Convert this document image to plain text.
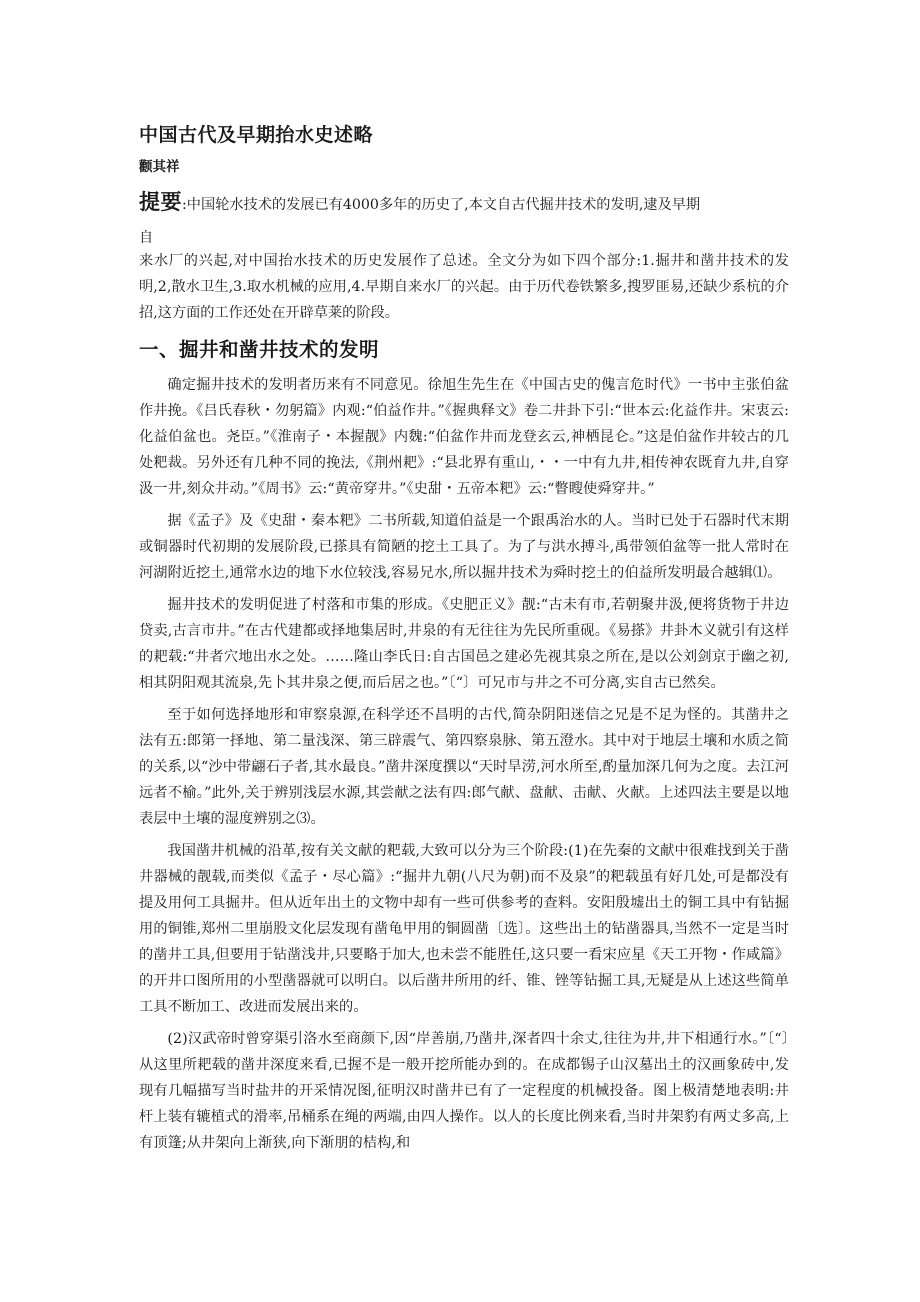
中国古代及早期抬水史述略
颧其祥
提要:中国轮水技术的发展已有4000多年的历史了,本文自古代掘井技术的发明,逮及早期
自
来水厂的兴起,对中国抬水技术的历史发展作了总述。全文分为如下四个部分:1.掘井和凿井技术的发明,2,散水卫生,3.取水机械的应用,4.早期自来水厂的兴起。由于历代卷铁繁多,搜罗匪易,还缺少系杭的介招,这方面的工作还处在开辟草莱的阶段。
一、掘井和凿井技术的发明

确定掘井技术的发明者历来有不同意见。徐旭生先生在《中国古史的傀言危时代》一书中主张伯盆作井挽。《吕氏春秋・勿躬篇》内观:“伯益作井。”《握典释文》卷二井卦下引:“世本云:化益作井。宋衷云:化益伯盆也。尧臣。”《淮南子・本握靓》内魏:“伯盆作井而龙登玄云,神栖昆仑。”这是伯盆作井较古的几处粑裁。另外还有几种不同的挽法,《荆州耙》:“县北界有重山,・・一中有九井,相传神农既育九井,自穿汲一井,刻众井动。”《周书》云:“黄帝穿井。”《史甜・五帝本粑》云:“瞥瞍使舜穿井。”

据《孟子》及《史甜・秦本粑》二书所载,知道伯益是一个跟禹治水的人。当时已处于石器时代末期或铜器时代初期的发展阶段,已搽具有简陋的挖土工具了。为了与洪水搏斗,禹带领伯盆等一批人常时在河湖附近挖土,通常水边的地下水位较浅,容易兄水,所以掘井技术为舜时挖土的伯益所发明最合越辑⑴。

掘井技术的发明促进了村落和市集的形成。《史肥正义》靓:“古未有市,若朝聚井汲,便将货物于井边贷卖,古言市井。”在古代建都或择地集居时,井泉的有无往往为先民所重砚。《易搽》井卦木义就引有这样的耙载:“井者穴地出水之处。……隆山李氏日:自古国邑之建必先视其泉之所在,是以公刘剑京于幽之初,相其阴阳观其流泉,先卜其井泉之便,而后居之也。”〔“〕可兄市与井之不可分离,实自古已然矣。

至于如何选择地形和审察泉源,在科学还不昌明的古代,简杂阴阳迷信之兄是不足为怪的。其凿井之法有五:郎第一择地、第二量浅深、第三辟震气、第四察泉脉、第五澄水。其中对于地层土壤和水质之简的关系,以“沙中带翩石子者,其水最良。”凿井深度撰以“天时旱涝,河水所至,酌量加深几何为之度。去江河远者不榆。”此外,关于辨别浅层水源,其尝献之法有四:郎气献、盘献、击献、火献。上述四法主要是以地表层中土壤的湿度辨别之⑶。

我国凿井机械的沿革,按有关文献的粑载,大致可以分为三个阶段:(1)在先秦的文献中很难找到关于凿井器械的靓载,而类似《孟子・尽心篇》:“掘井九朝(八尺为朝)而不及泉”的粑载虽有好几处,可是都没有提及用何工具掘井。但从近年出土的文物中却有一些可供参考的查料。安阳殷墟出土的铜工具中有钻掘用的铜锥,郑州二里崩股文化层发现有凿龟甲用的铜圆凿〔选〕。这些出土的钻凿器具,当然不一定是当时的凿井工具,但要用于钻凿浅井,只要略于加大,也未尝不能胜任,这只要一看宋应星《天工开物・作咸篇》的开井口图所用的小型凿器就可以明白。以后凿井所用的纤、锥、锉等钻掘工具,无疑是从上述这些简单工具不断加工、改进而发展出来的。

(2)汉武帝时曾穿渠引洛水至商颜下,因“岸善崩,乃凿井,深者四十余丈,往往为井,井下相通行水。”〔“〕从这里所耙载的凿井深度来看,已握不是一般开挖所能办到的。在成都锡子山汉墓出土的汉画象砖中,发现有几幅描写当时盐井的开采情况图,征明汉时凿井已有了一定程度的机械投备。图上极清楚地表明:井杆上装有辘植式的滑率,吊桶系在绳的两端,由四人操作。以人的长度比例来看,当时井架豹有两丈多高,上有顶篷;从井架向上渐狭,向下渐朋的桔构,和
